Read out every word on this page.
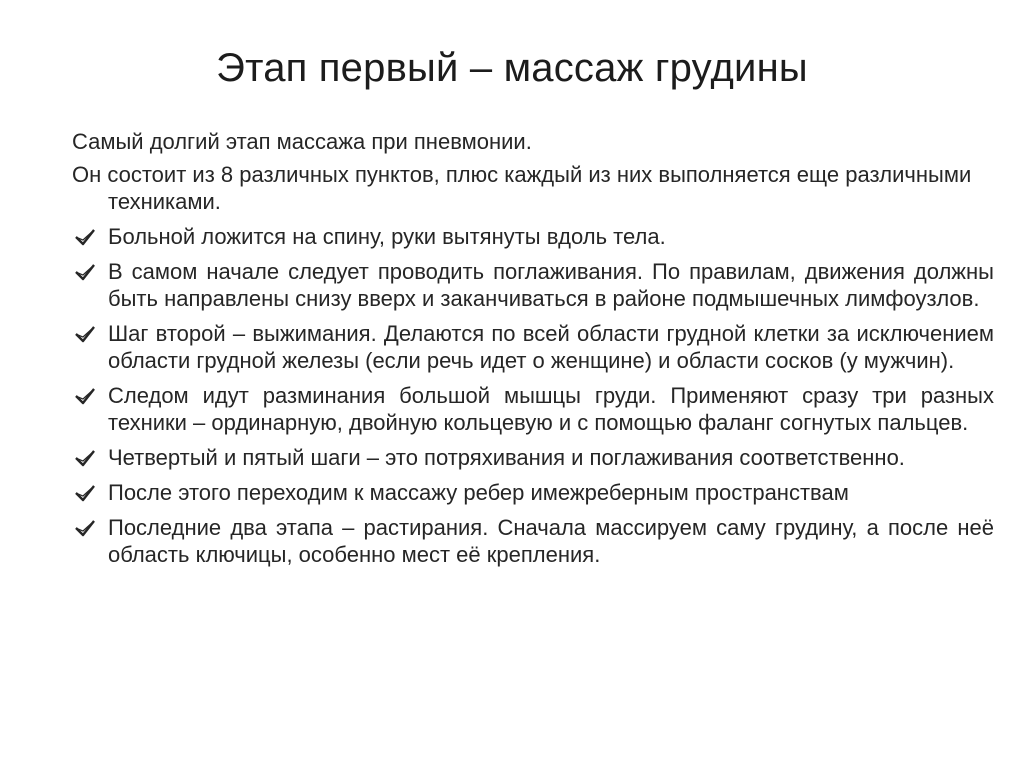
Этап первый – массаж грудины

Самый долгий этап массажа при пневмонии.

Он состоит из 8 различных пунктов, плюс каждый из них выполняется еще различными техниками.

Больной ложится на спину, руки вытянуты вдоль тела.
В самом начале следует проводить поглаживания. По правилам, движения должны быть направлены снизу вверх и заканчиваться в районе подмышечных лимфоузлов.
Шаг второй – выжимания. Делаются по всей области грудной клетки за исключением области грудной железы (если речь идет о женщине) и области сосков (у мужчин).
Следом идут разминания большой мышцы груди. Применяют сразу три разных техники – ординарную, двойную кольцевую и с помощью фаланг согнутых пальцев.
Четвертый и пятый шаги – это потряхивания и поглаживания соответственно.
После этого переходим к массажу ребер имежреберным пространствам
Последние два этапа – растирания. Сначала массируем саму грудину, а после неё область ключицы, особенно мест её крепления.
